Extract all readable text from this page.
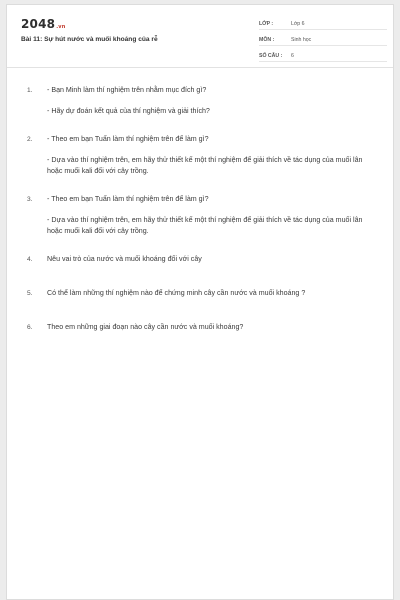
2048.vn
Bài 11: Sự hút nước và muối khoáng của rễ
LỚP :	Lớp 6
MÔN :	Sinh học
SỐ CÂU :	6
1. - Bạn Minh làm thí nghiệm trên nhằm mục đích gì?

- Hãy dự đoán kết quả của thí nghiệm và giải thích?

2. - Theo em bạn Tuấn làm thí nghiệm trên để làm gì?

- Dựa vào thí nghiệm trên, em hãy thử thiết kế một thí nghiệm để giải thích về tác dụng của muối lân hoặc muối kali đối với cây trồng.

3. - Theo em bạn Tuấn làm thí nghiệm trên để làm gì?

- Dựa vào thí nghiệm trên, em hãy thử thiết kế một thí nghiệm để giải thích về tác dụng của muối lân hoặc muối kali đối với cây trồng.

4. Nêu vai trò của nước và muối khoáng đối với cây

5. Có thể làm những thí nghiệm nào để chứng minh cây cần nước và muối khoáng ?

6. Theo em những giai đoạn nào cây cần nước và muối khoáng?
